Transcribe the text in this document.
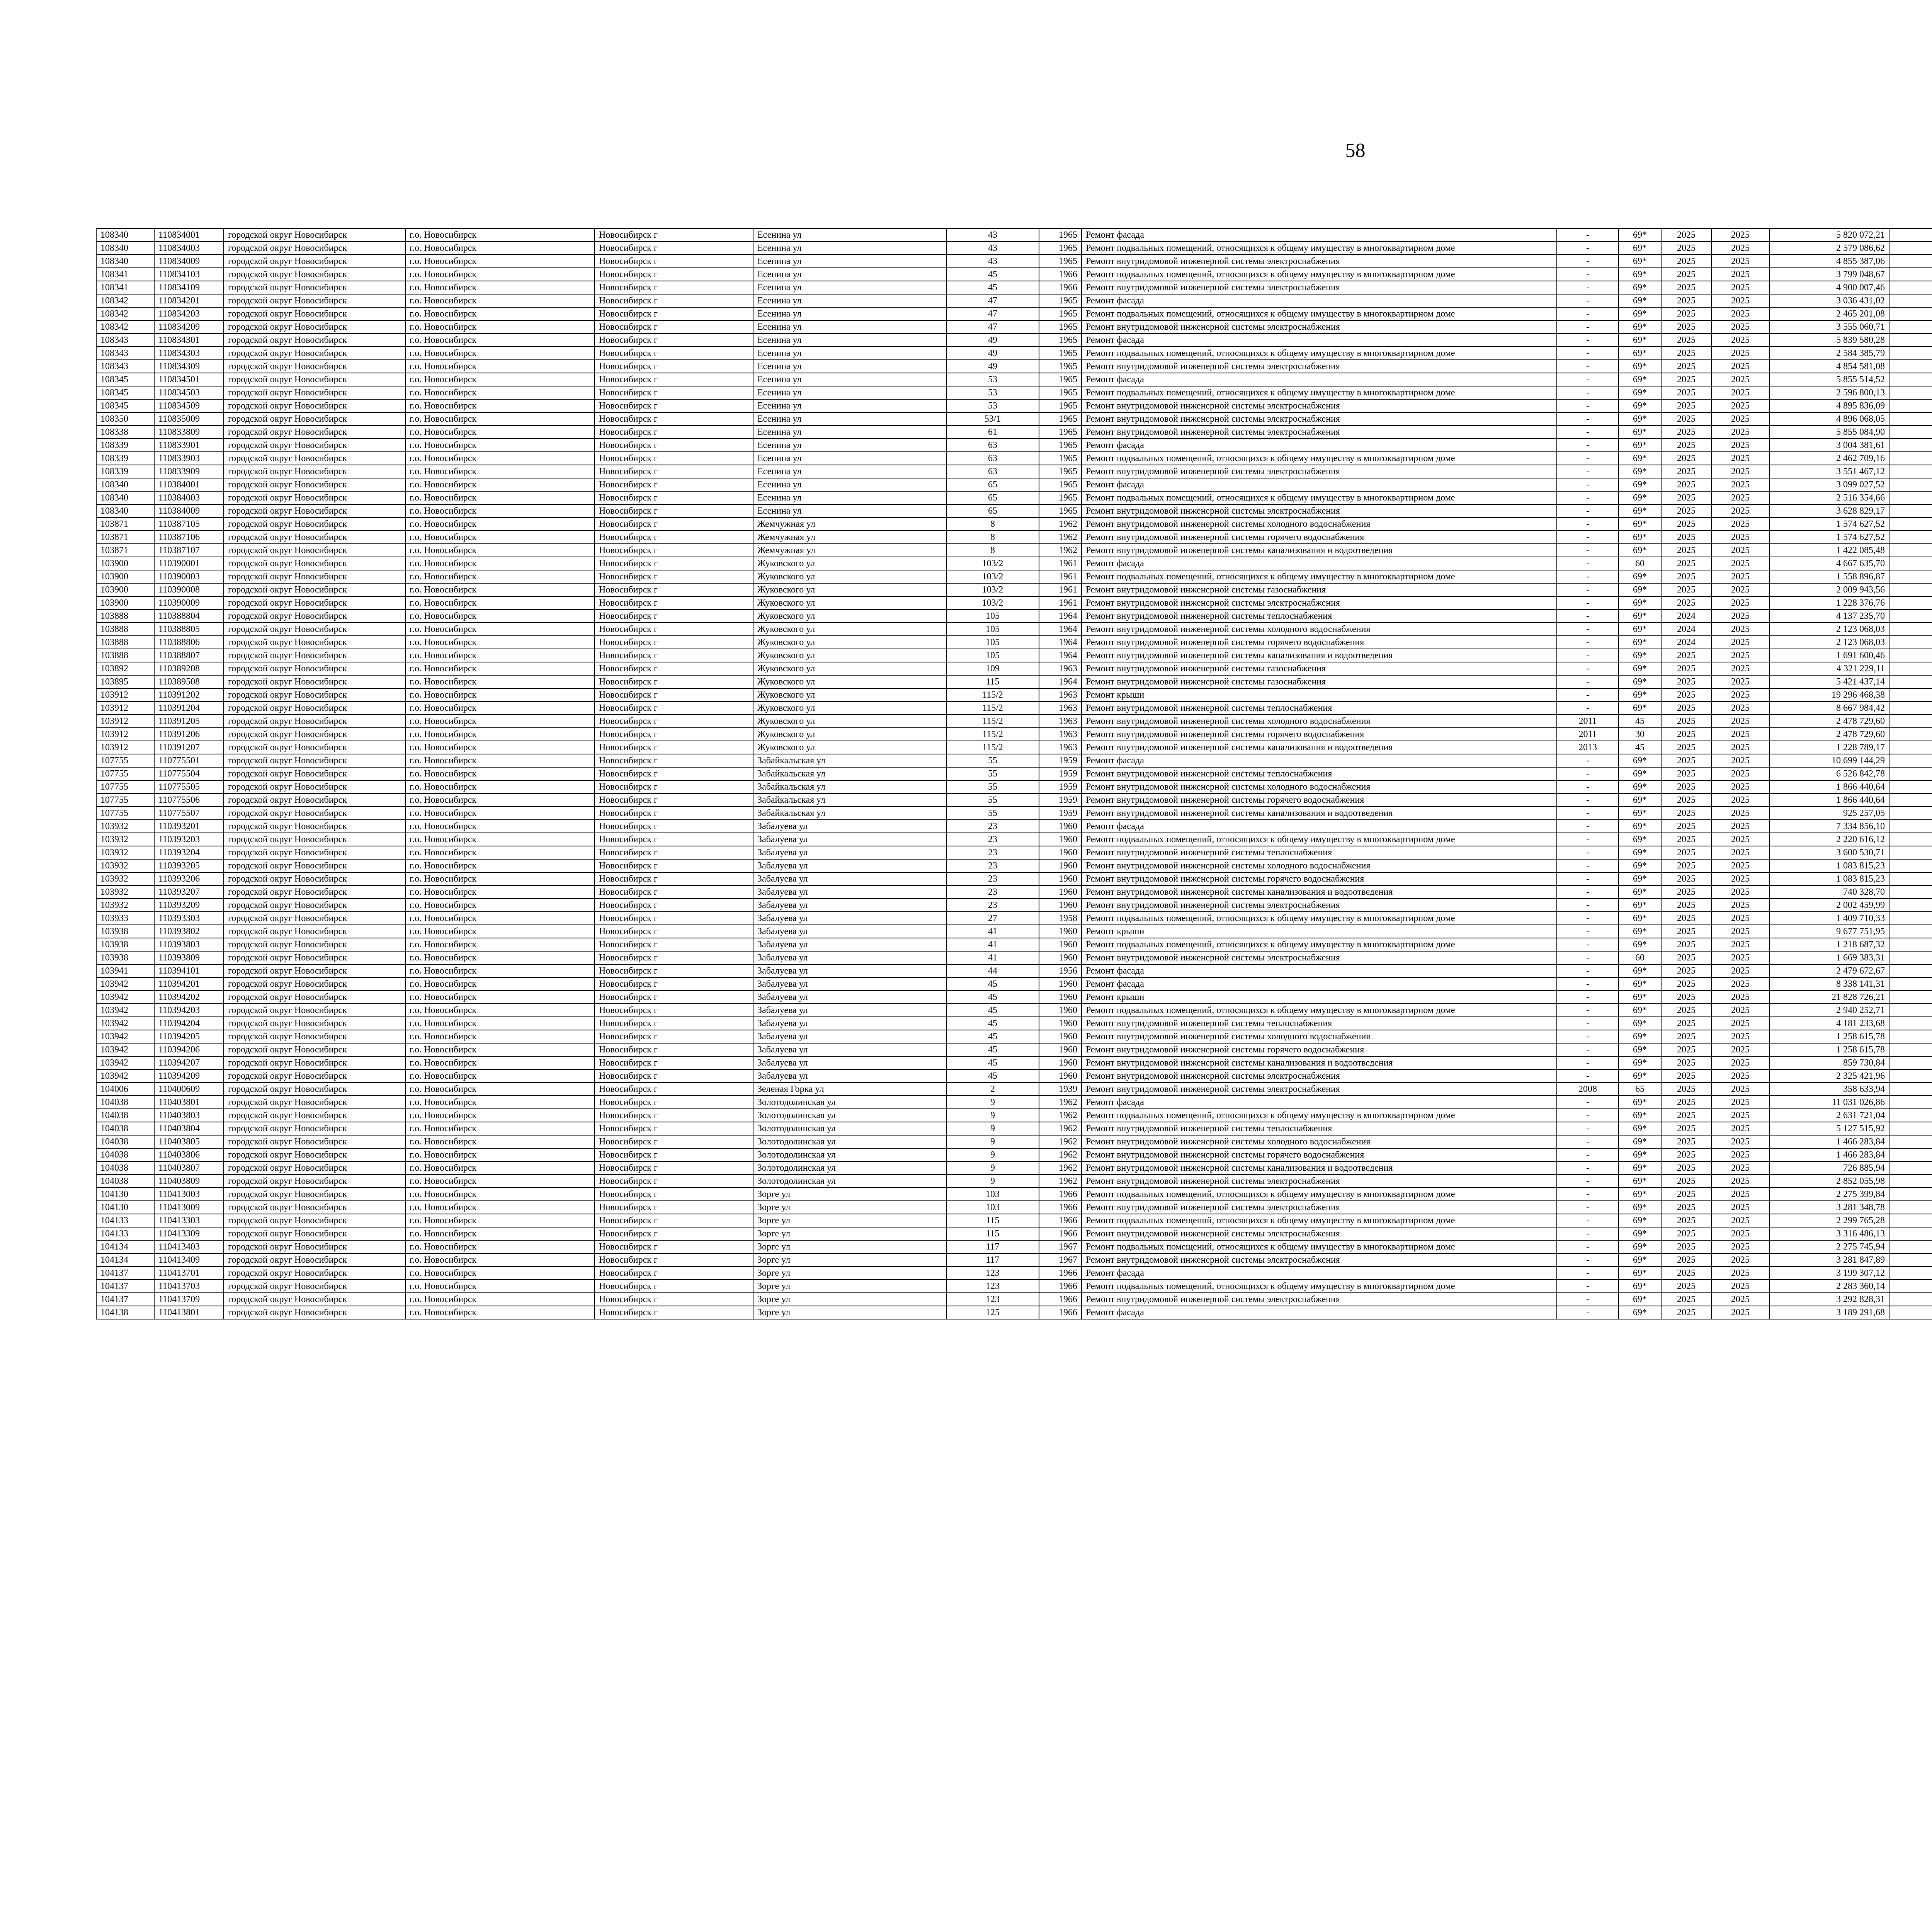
58
108340	110834001	городской округ Новосибирск	г.о. Новосибирск	Новосибирск г	Есенина ул	43	1965	Ремонт фасада	-	69*	2025	2025	5 820 072,21							
108340	110834003	городской округ Новосибирск	г.о. Новосибирск	Новосибирск г	Есенина ул	43	1965	Ремонт подвальных помещений, относящихся к общему имуществу в многоквартирном доме	-	69*	2025	2025	2 579 086,62							
108340	110834009	городской округ Новосибирск	г.о. Новосибирск	Новосибирск г	Есенина ул	43	1965	Ремонт внутридомовой инженерной системы электроснабжения	-	69*	2025	2025	4 855 387,06							
108341	110834103	городской округ Новосибирск	г.о. Новосибирск	Новосибирск г	Есенина ул	45	1966	Ремонт подвальных помещений, относящихся к общему имуществу в многоквартирном доме	-	69*	2025	2025	3 799 048,67							
108341	110834109	городской округ Новосибирск	г.о. Новосибирск	Новосибирск г	Есенина ул	45	1966	Ремонт внутридомовой инженерной системы электроснабжения	-	69*	2025	2025	4 900 007,46							
108342	110834201	городской округ Новосибирск	г.о. Новосибирск	Новосибирск г	Есенина ул	47	1965	Ремонт фасада	-	69*	2025	2025	3 036 431,02							
108342	110834203	городской округ Новосибирск	г.о. Новосибирск	Новосибирск г	Есенина ул	47	1965	Ремонт подвальных помещений, относящихся к общему имуществу в многоквартирном доме	-	69*	2025	2025	2 465 201,08							
108342	110834209	городской округ Новосибирск	г.о. Новосибирск	Новосибирск г	Есенина ул	47	1965	Ремонт внутридомовой инженерной системы электроснабжения	-	69*	2025	2025	3 555 060,71							
108343	110834301	городской округ Новосибирск	г.о. Новосибирск	Новосибирск г	Есенина ул	49	1965	Ремонт фасада	-	69*	2025	2025	5 839 580,28							
108343	110834303	городской округ Новосибирск	г.о. Новосибирск	Новосибирск г	Есенина ул	49	1965	Ремонт подвальных помещений, относящихся к общему имуществу в многоквартирном доме	-	69*	2025	2025	2 584 385,79							
108343	110834309	городской округ Новосибирск	г.о. Новосибирск	Новосибирск г	Есенина ул	49	1965	Ремонт внутридомовой инженерной системы электроснабжения	-	69*	2025	2025	4 854 581,08							
108345	110834501	городской округ Новосибирск	г.о. Новосибирск	Новосибирск г	Есенина ул	53	1965	Ремонт фасада	-	69*	2025	2025	5 855 514,52							
108345	110834503	городской округ Новосибирск	г.о. Новосибирск	Новосибирск г	Есенина ул	53	1965	Ремонт подвальных помещений, относящихся к общему имуществу в многоквартирном доме	-	69*	2025	2025	2 596 800,13							
108345	110834509	городской округ Новосибирск	г.о. Новосибирск	Новосибирск г	Есенина ул	53	1965	Ремонт внутридомовой инженерной системы электроснабжения	-	69*	2025	2025	4 895 836,09							
108350	110835009	городской округ Новосибирск	г.о. Новосибирск	Новосибирск г	Есенина ул	53/1	1965	Ремонт внутридомовой инженерной системы электроснабжения	-	69*	2025	2025	4 896 068,05							
108338	110833809	городской округ Новосибирск	г.о. Новосибирск	Новосибирск г	Есенина ул	61	1965	Ремонт внутридомовой инженерной системы электроснабжения	-	69*	2025	2025	5 855 084,90							
108339	110833901	городской округ Новосибирск	г.о. Новосибирск	Новосибирск г	Есенина ул	63	1965	Ремонт фасада	-	69*	2025	2025	3 004 381,61							
108339	110833903	городской округ Новосибирск	г.о. Новосибирск	Новосибирск г	Есенина ул	63	1965	Ремонт подвальных помещений, относящихся к общему имуществу в многоквартирном доме	-	69*	2025	2025	2 462 709,16							
108339	110833909	городской округ Новосибирск	г.о. Новосибирск	Новосибирск г	Есенина ул	63	1965	Ремонт внутридомовой инженерной системы электроснабжения	-	69*	2025	2025	3 551 467,12							
108340	110384001	городской округ Новосибирск	г.о. Новосибирск	Новосибирск г	Есенина ул	65	1965	Ремонт фасада	-	69*	2025	2025	3 099 027,52							
108340	110384003	городской округ Новосибирск	г.о. Новосибирск	Новосибирск г	Есенина ул	65	1965	Ремонт подвальных помещений, относящихся к общему имуществу в многоквартирном доме	-	69*	2025	2025	2 516 354,66							
108340	110384009	городской округ Новосибирск	г.о. Новосибирск	Новосибирск г	Есенина ул	65	1965	Ремонт внутридомовой инженерной системы электроснабжения	-	69*	2025	2025	3 628 829,17							
103871	110387105	городской округ Новосибирск	г.о. Новосибирск	Новосибирск г	Жемчужная ул	8	1962	Ремонт внутридомовой инженерной системы холодного водоснабжения	-	69*	2025	2025	1 574 627,52							
103871	110387106	городской округ Новосибирск	г.о. Новосибирск	Новосибирск г	Жемчужная ул	8	1962	Ремонт внутридомовой инженерной системы горячего водоснабжения	-	69*	2025	2025	1 574 627,52							
103871	110387107	городской округ Новосибирск	г.о. Новосибирск	Новосибирск г	Жемчужная ул	8	1962	Ремонт внутридомовой инженерной системы канализования и водоотведения	-	69*	2025	2025	1 422 085,48							
103900	110390001	городской округ Новосибирск	г.о. Новосибирск	Новосибирск г	Жуковского ул	103/2	1961	Ремонт фасада	-	60	2025	2025	4 667 635,70							
103900	110390003	городской округ Новосибирск	г.о. Новосибирск	Новосибирск г	Жуковского ул	103/2	1961	Ремонт подвальных помещений, относящихся к общему имуществу в многоквартирном доме	-	69*	2025	2025	1 558 896,87							
103900	110390008	городской округ Новосибирск	г.о. Новосибирск	Новосибирск г	Жуковского ул	103/2	1961	Ремонт внутридомовой инженерной системы газоснабжения	-	69*	2025	2025	2 009 943,56							
103900	110390009	городской округ Новосибирск	г.о. Новосибирск	Новосибирск г	Жуковского ул	103/2	1961	Ремонт внутридомовой инженерной системы электроснабжения	-	69*	2025	2025	1 228 376,76							
103888	110388804	городской округ Новосибирск	г.о. Новосибирск	Новосибирск г	Жуковского ул	105	1964	Ремонт внутридомовой инженерной системы теплоснабжения	-	69*	2024	2025	4 137 235,70							
103888	110388805	городской округ Новосибирск	г.о. Новосибирск	Новосибирск г	Жуковского ул	105	1964	Ремонт внутридомовой инженерной системы холодного водоснабжения	-	69*	2024	2025	2 123 068,03							
103888	110388806	городской округ Новосибирск	г.о. Новосибирск	Новосибирск г	Жуковского ул	105	1964	Ремонт внутридомовой инженерной системы горячего водоснабжения	-	69*	2024	2025	2 123 068,03							
103888	110388807	городской округ Новосибирск	г.о. Новосибирск	Новосибирск г	Жуковского ул	105	1964	Ремонт внутридомовой инженерной системы канализования и водоотведения	-	69*	2025	2025	1 691 600,46							
103892	110389208	городской округ Новосибирск	г.о. Новосибирск	Новосибирск г	Жуковского ул	109	1963	Ремонт внутридомовой инженерной системы газоснабжения	-	69*	2025	2025	4 321 229,11							
103895	110389508	городской округ Новосибирск	г.о. Новосибирск	Новосибирск г	Жуковского ул	115	1964	Ремонт внутридомовой инженерной системы газоснабжения	-	69*	2025	2025	5 421 437,14							
103912	110391202	городской округ Новосибирск	г.о. Новосибирск	Новосибирск г	Жуковского ул	115/2	1963	Ремонт крыши	-	69*	2025	2025	19 296 468,38							
103912	110391204	городской округ Новосибирск	г.о. Новосибирск	Новосибирск г	Жуковского ул	115/2	1963	Ремонт внутридомовой инженерной системы теплоснабжения	-	69*	2025	2025	8 667 984,42							
103912	110391205	городской округ Новосибирск	г.о. Новосибирск	Новосибирск г	Жуковского ул	115/2	1963	Ремонт внутридомовой инженерной системы холодного водоснабжения	2011	45	2025	2025	2 478 729,60							
103912	110391206	городской округ Новосибирск	г.о. Новосибирск	Новосибирск г	Жуковского ул	115/2	1963	Ремонт внутридомовой инженерной системы горячего водоснабжения	2011	30	2025	2025	2 478 729,60							
103912	110391207	городской округ Новосибирск	г.о. Новосибирск	Новосибирск г	Жуковского ул	115/2	1963	Ремонт внутридомовой инженерной системы канализования и водоотведения	2013	45	2025	2025	1 228 789,17							
107755	110775501	городской округ Новосибирск	г.о. Новосибирск	Новосибирск г	Забайкальская ул	55	1959	Ремонт фасада	-	69*	2025	2025	10 699 144,29							
107755	110775504	городской округ Новосибирск	г.о. Новосибирск	Новосибирск г	Забайкальская ул	55	1959	Ремонт внутридомовой инженерной системы теплоснабжения	-	69*	2025	2025	6 526 842,78							
107755	110775505	городской округ Новосибирск	г.о. Новосибирск	Новосибирск г	Забайкальская ул	55	1959	Ремонт внутридомовой инженерной системы холодного водоснабжения	-	69*	2025	2025	1 866 440,64							
107755	110775506	городской округ Новосибирск	г.о. Новосибирск	Новосибирск г	Забайкальская ул	55	1959	Ремонт внутридомовой инженерной системы горячего водоснабжения	-	69*	2025	2025	1 866 440,64							
107755	110775507	городской округ Новосибирск	г.о. Новосибирск	Новосибирск г	Забайкальская ул	55	1959	Ремонт внутридомовой инженерной системы канализования и водоотведения	-	69*	2025	2025	925 257,05							
103932	110393201	городской округ Новосибирск	г.о. Новосибирск	Новосибирск г	Забалуева ул	23	1960	Ремонт фасада	-	69*	2025	2025	7 334 856,10							
103932	110393203	городской округ Новосибирск	г.о. Новосибирск	Новосибирск г	Забалуева ул	23	1960	Ремонт подвальных помещений, относящихся к общему имуществу в многоквартирном доме	-	69*	2025	2025	2 220 616,12							
103932	110393204	городской округ Новосибирск	г.о. Новосибирск	Новосибирск г	Забалуева ул	23	1960	Ремонт внутридомовой инженерной системы теплоснабжения	-	69*	2025	2025	3 600 530,71							
103932	110393205	городской округ Новосибирск	г.о. Новосибирск	Новосибирск г	Забалуева ул	23	1960	Ремонт внутридомовой инженерной системы холодного водоснабжения	-	69*	2025	2025	1 083 815,23							
103932	110393206	городской округ Новосибирск	г.о. Новосибирск	Новосибирск г	Забалуева ул	23	1960	Ремонт внутридомовой инженерной системы горячего водоснабжения	-	69*	2025	2025	1 083 815,23							
103932	110393207	городской округ Новосибирск	г.о. Новосибирск	Новосибирск г	Забалуева ул	23	1960	Ремонт внутридомовой инженерной системы канализования и водоотведения	-	69*	2025	2025	740 328,70							
103932	110393209	городской округ Новосибирск	г.о. Новосибирск	Новосибирск г	Забалуева ул	23	1960	Ремонт внутридомовой инженерной системы электроснабжения	-	69*	2025	2025	2 002 459,99							
103933	110393303	городской округ Новосибирск	г.о. Новосибирск	Новосибирск г	Забалуева ул	27	1958	Ремонт подвальных помещений, относящихся к общему имуществу в многоквартирном доме	-	69*	2025	2025	1 409 710,33							
103938	110393802	городской округ Новосибирск	г.о. Новосибирск	Новосибирск г	Забалуева ул	41	1960	Ремонт крыши	-	69*	2025	2025	9 677 751,95							
103938	110393803	городской округ Новосибирск	г.о. Новосибирск	Новосибирск г	Забалуева ул	41	1960	Ремонт подвальных помещений, относящихся к общему имуществу в многоквартирном доме	-	69*	2025	2025	1 218 687,32							
103938	110393809	городской округ Новосибирск	г.о. Новосибирск	Новосибирск г	Забалуева ул	41	1960	Ремонт внутридомовой инженерной системы электроснабжения	-	60	2025	2025	1 669 383,31							
103941	110394101	городской округ Новосибирск	г.о. Новосибирск	Новосибирск г	Забалуева ул	44	1956	Ремонт фасада	-	69*	2025	2025	2 479 672,67							
103942	110394201	городской округ Новосибирск	г.о. Новосибирск	Новосибирск г	Забалуева ул	45	1960	Ремонт фасада	-	69*	2025	2025	8 338 141,31							
103942	110394202	городской округ Новосибирск	г.о. Новосибирск	Новосибирск г	Забалуева ул	45	1960	Ремонт крыши	-	69*	2025	2025	21 828 726,21							
103942	110394203	городской округ Новосибирск	г.о. Новосибирск	Новосибирск г	Забалуева ул	45	1960	Ремонт подвальных помещений, относящихся к общему имуществу в многоквартирном доме	-	69*	2025	2025	2 940 252,71							
103942	110394204	городской округ Новосибирск	г.о. Новосибирск	Новосибирск г	Забалуева ул	45	1960	Ремонт внутридомовой инженерной системы теплоснабжения	-	69*	2025	2025	4 181 233,68							
103942	110394205	городской округ Новосибирск	г.о. Новосибирск	Новосибирск г	Забалуева ул	45	1960	Ремонт внутридомовой инженерной системы холодного водоснабжения	-	69*	2025	2025	1 258 615,78							
103942	110394206	городской округ Новосибирск	г.о. Новосибирск	Новосибирск г	Забалуева ул	45	1960	Ремонт внутридомовой инженерной системы горячего водоснабжения	-	69*	2025	2025	1 258 615,78							
103942	110394207	городской округ Новосибирск	г.о. Новосибирск	Новосибирск г	Забалуева ул	45	1960	Ремонт внутридомовой инженерной системы канализования и водоотведения	-	69*	2025	2025	859 730,84							
103942	110394209	городской округ Новосибирск	г.о. Новосибирск	Новосибирск г	Забалуева ул	45	1960	Ремонт внутридомовой инженерной системы электроснабжения	-	69*	2025	2025	2 325 421,96							
104006	110400609	городской округ Новосибирск	г.о. Новосибирск	Новосибирск г	Зеленая Горка ул	2	1939	Ремонт внутридомовой инженерной системы электроснабжения	2008	65	2025	2025	358 633,94							
104038	110403801	городской округ Новосибирск	г.о. Новосибирск	Новосибирск г	Золотодолинская ул	9	1962	Ремонт фасада	-	69*	2025	2025	11 031 026,86							
104038	110403803	городской округ Новосибирск	г.о. Новосибирск	Новосибирск г	Золотодолинская ул	9	1962	Ремонт подвальных помещений, относящихся к общему имуществу в многоквартирном доме	-	69*	2025	2025	2 631 721,04							
104038	110403804	городской округ Новосибирск	г.о. Новосибирск	Новосибирск г	Золотодолинская ул	9	1962	Ремонт внутридомовой инженерной системы теплоснабжения	-	69*	2025	2025	5 127 515,92							
104038	110403805	городской округ Новосибирск	г.о. Новосибирск	Новосибирск г	Золотодолинская ул	9	1962	Ремонт внутридомовой инженерной системы холодного водоснабжения	-	69*	2025	2025	1 466 283,84							
104038	110403806	городской округ Новосибирск	г.о. Новосибирск	Новосибирск г	Золотодолинская ул	9	1962	Ремонт внутридомовой инженерной системы горячего водоснабжения	-	69*	2025	2025	1 466 283,84							
104038	110403807	городской округ Новосибирск	г.о. Новосибирск	Новосибирск г	Золотодолинская ул	9	1962	Ремонт внутридомовой инженерной системы канализования и водоотведения	-	69*	2025	2025	726 885,94							
104038	110403809	городской округ Новосибирск	г.о. Новосибирск	Новосибирск г	Золотодолинская ул	9	1962	Ремонт внутридомовой инженерной системы электроснабжения	-	69*	2025	2025	2 852 055,98							
104130	110413003	городской округ Новосибирск	г.о. Новосибирск	Новосибирск г	Зорге ул	103	1966	Ремонт подвальных помещений, относящихся к общему имуществу в многоквартирном доме	-	69*	2025	2025	2 275 399,84							
104130	110413009	городской округ Новосибирск	г.о. Новосибирск	Новосибирск г	Зорге ул	103	1966	Ремонт внутридомовой инженерной системы электроснабжения	-	69*	2025	2025	3 281 348,78							
104133	110413303	городской округ Новосибирск	г.о. Новосибирск	Новосибирск г	Зорге ул	115	1966	Ремонт подвальных помещений, относящихся к общему имуществу в многоквартирном доме	-	69*	2025	2025	2 299 765,28							
104133	110413309	городской округ Новосибирск	г.о. Новосибирск	Новосибирск г	Зорге ул	115	1966	Ремонт внутридомовой инженерной системы электроснабжения	-	69*	2025	2025	3 316 486,13							
104134	110413403	городской округ Новосибирск	г.о. Новосибирск	Новосибирск г	Зорге ул	117	1967	Ремонт подвальных помещений, относящихся к общему имуществу в многоквартирном доме	-	69*	2025	2025	2 275 745,94							
104134	110413409	городской округ Новосибирск	г.о. Новосибирск	Новосибирск г	Зорге ул	117	1967	Ремонт внутридомовой инженерной системы электроснабжения	-	69*	2025	2025	3 281 847,89							
104137	110413701	городской округ Новосибирск	г.о. Новосибирск	Новосибирск г	Зорге ул	123	1966	Ремонт фасада	-	69*	2025	2025	3 199 307,12							
104137	110413703	городской округ Новосибирск	г.о. Новосибирск	Новосибирск г	Зорге ул	123	1966	Ремонт подвальных помещений, относящихся к общему имуществу в многоквартирном доме	-	69*	2025	2025	2 283 360,14							
104137	110413709	городской округ Новосибирск	г.о. Новосибирск	Новосибирск г	Зорге ул	123	1966	Ремонт внутридомовой инженерной системы электроснабжения	-	69*	2025	2025	3 292 828,31							
104138	110413801	городской округ Новосибирск	г.о. Новосибирск	Новосибирск г	Зорге ул	125	1966	Ремонт фасада	-	69*	2025	2025	3 189 291,68							
